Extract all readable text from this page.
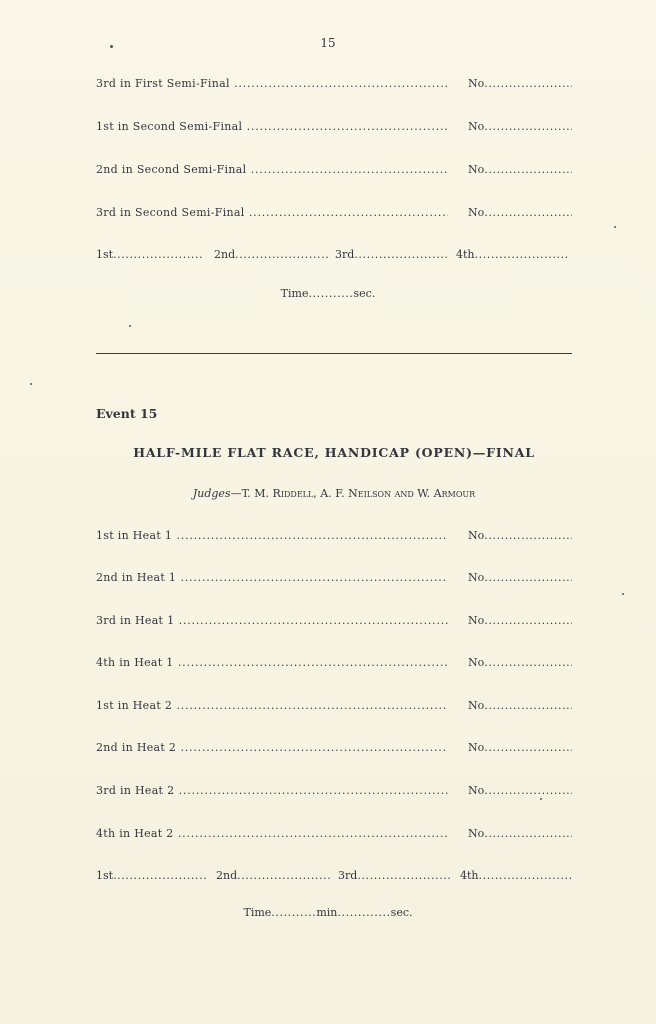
15
3rd in First Semi-Final .....	No .....
1st in Second Semi-Final .....	No .....
2nd in Second Semi-Final .....	No .....
3rd in Second Semi-Final .....	No .....
1st .....	2nd .....	3rd .....	4th .....
Time...........sec.
Event 15
HALF-MILE FLAT RACE, HANDICAP (OPEN)—FINAL
Judges—T. M. Riddell, A. F. Neilson and W. Armour
1st in Heat 1 .....	No .....
2nd in Heat 1 .....	No .....
3rd in Heat 1 .....	No .....
4th in Heat 1 .....	No .....
1st in Heat 2 .....	No .....
2nd in Heat 2 .....	No .....
3rd in Heat 2 .....	No .....
4th in Heat 2 .....	No .....
1st .....	2nd .....	3rd .....	4th .....
Time...........min.............sec.
